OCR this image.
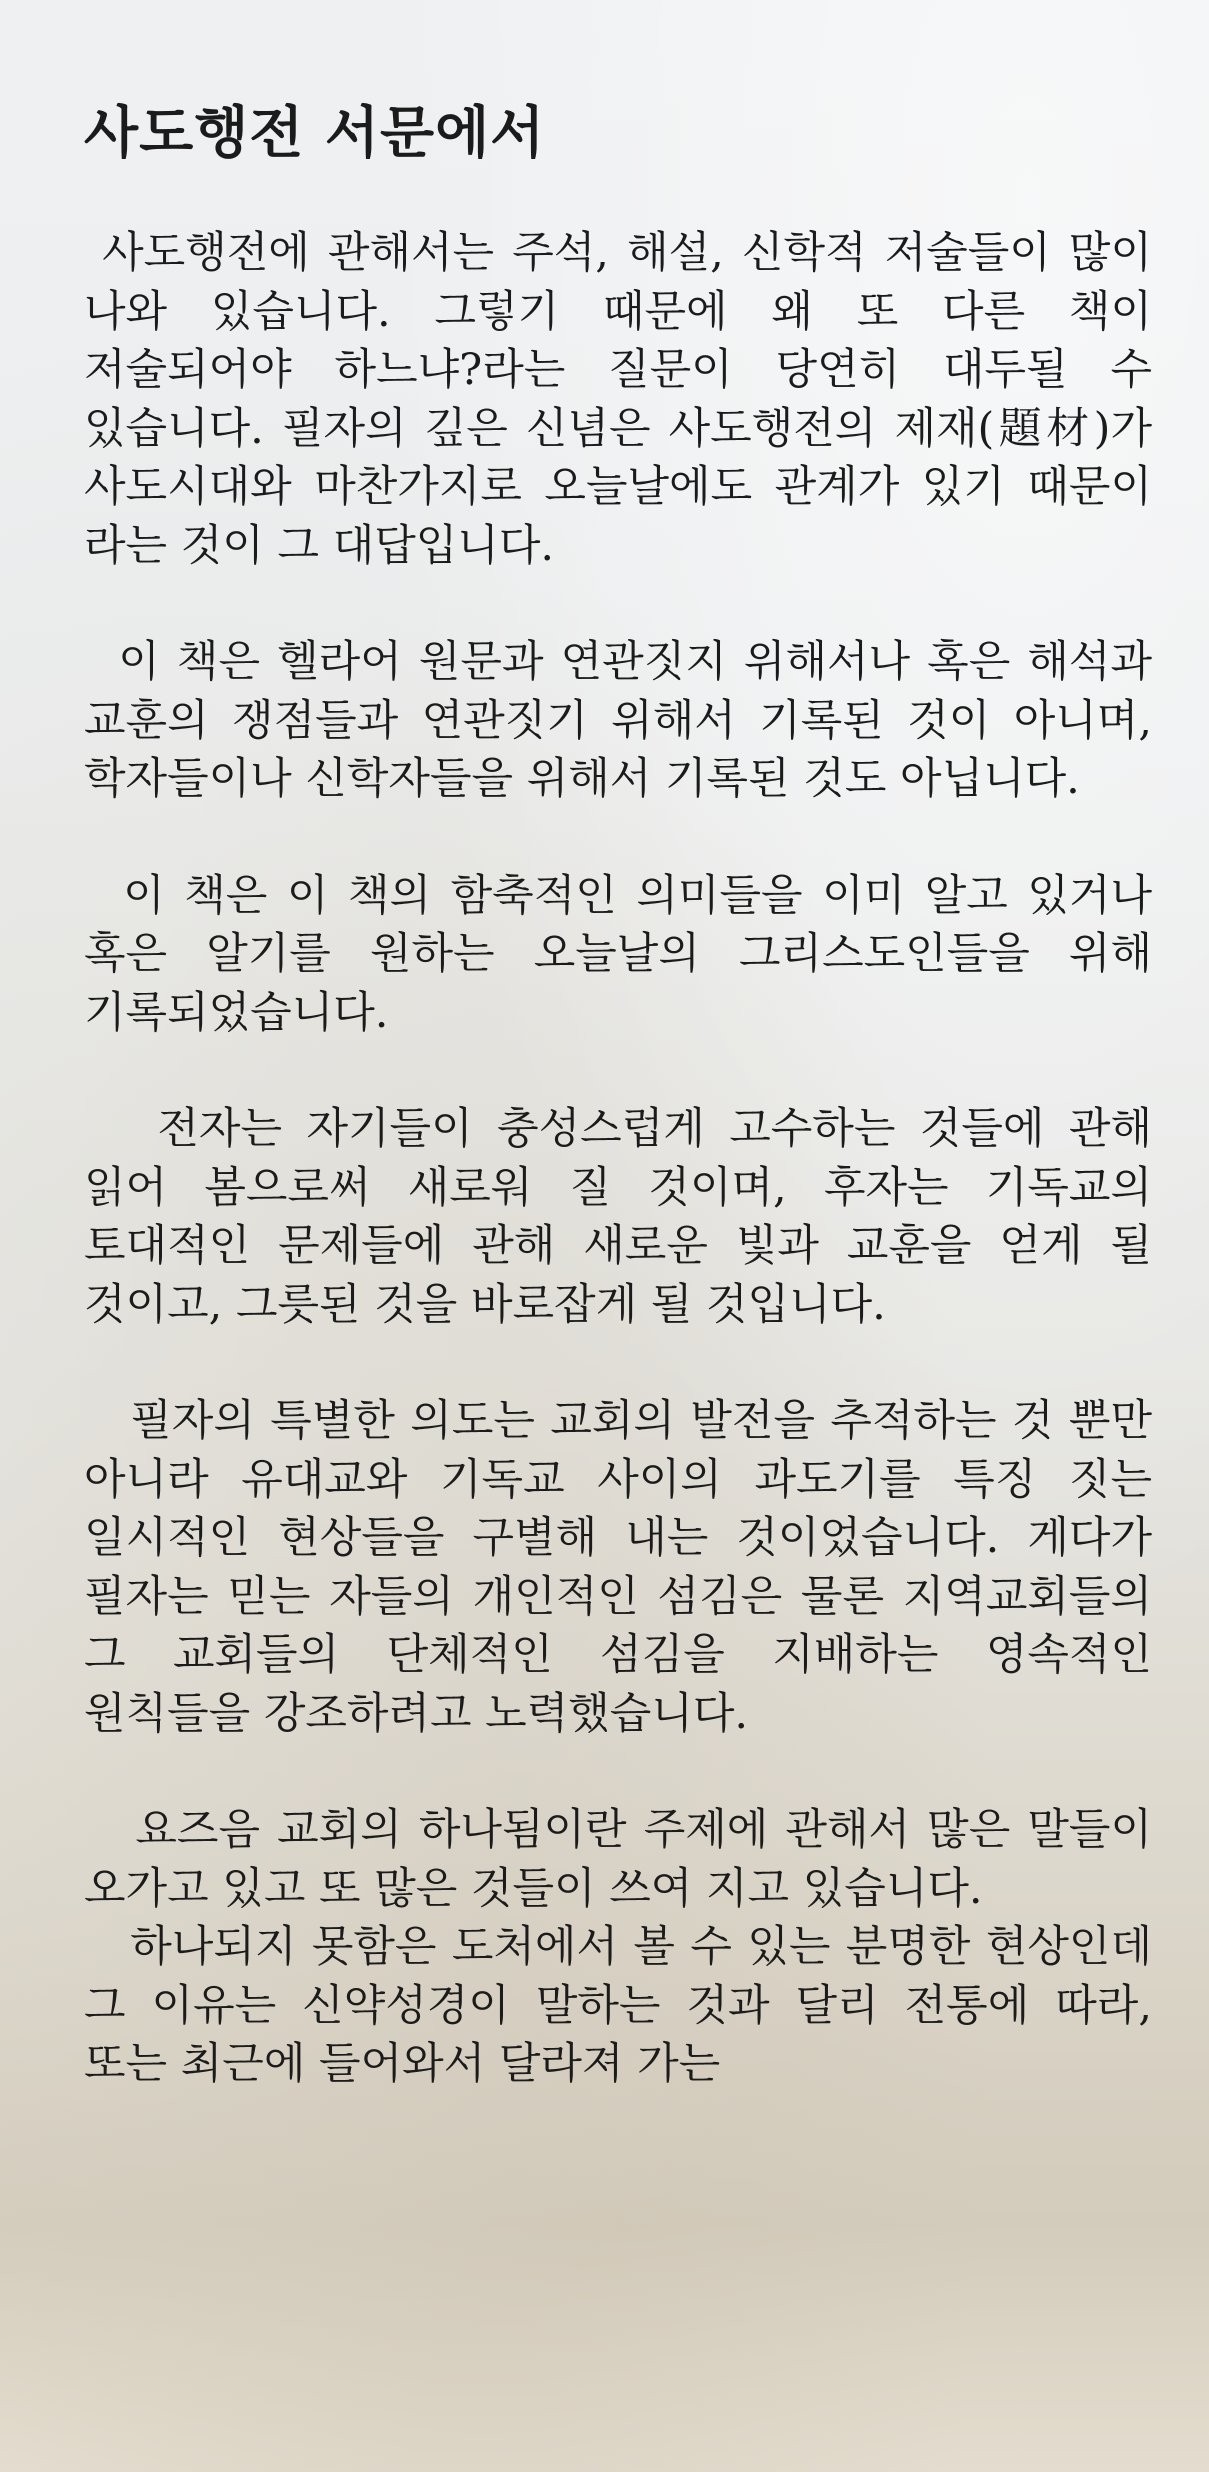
사도행전 서문에서

사도행전에 관해서는 주석, 해설, 신학적 저술들이 많이 나와 있습니다. 그렇기 때문에 왜 또 다른 책이 저술되어야 하느냐?라는 질문이 당연히 대두될 수 있습니다. 필자의 깊은 신념은 사도행전의 제재(題材)가 사도시대와 마찬가지로 오늘날에도 관계가 있기 때문이 라는 것이 그 대답입니다.

이 책은 헬라어 원문과 연관짓지 위해서나 혹은 해석과 교훈의 쟁점들과 연관짓기 위해서 기록된 것이 아니며, 학자들이나 신학자들을 위해서 기록된 것도 아닙니다.

이 책은 이 책의 함축적인 의미들을 이미 알고 있거나 혹은 알기를 원하는 오늘날의 그리스도인들을 위해 기록되었습니다.

전자는 자기들이 충성스럽게 고수하는 것들에 관해 읽어 봄으로써 새로워 질 것이며, 후자는 기독교의 토대적인 문제들에 관해 새로운 빛과 교훈을 얻게 될 것이고, 그릇된 것을 바로잡게 될 것입니다.

필자의 특별한 의도는 교회의 발전을 추적하는 것 뿐만 아니라 유대교와 기독교 사이의 과도기를 특징 짓는 일시적인 현상들을 구별해 내는 것이었습니다. 게다가 필자는 믿는 자들의 개인적인 섬김은 물론 지역교회들의 그 교회들의 단체적인 섬김을 지배하는 영속적인 원칙들을 강조하려고 노력했습니다.

요즈음 교회의 하나됨이란 주제에 관해서 많은 말들이 오가고 있고 또 많은 것들이 쓰여 지고 있습니다.

하나되지 못함은 도처에서 볼 수 있는 분명한 현상인데 그 이유는 신약성경이 말하는 것과 달리 전통에 따라,  또는 최근에 들어와서 달라져 가는
